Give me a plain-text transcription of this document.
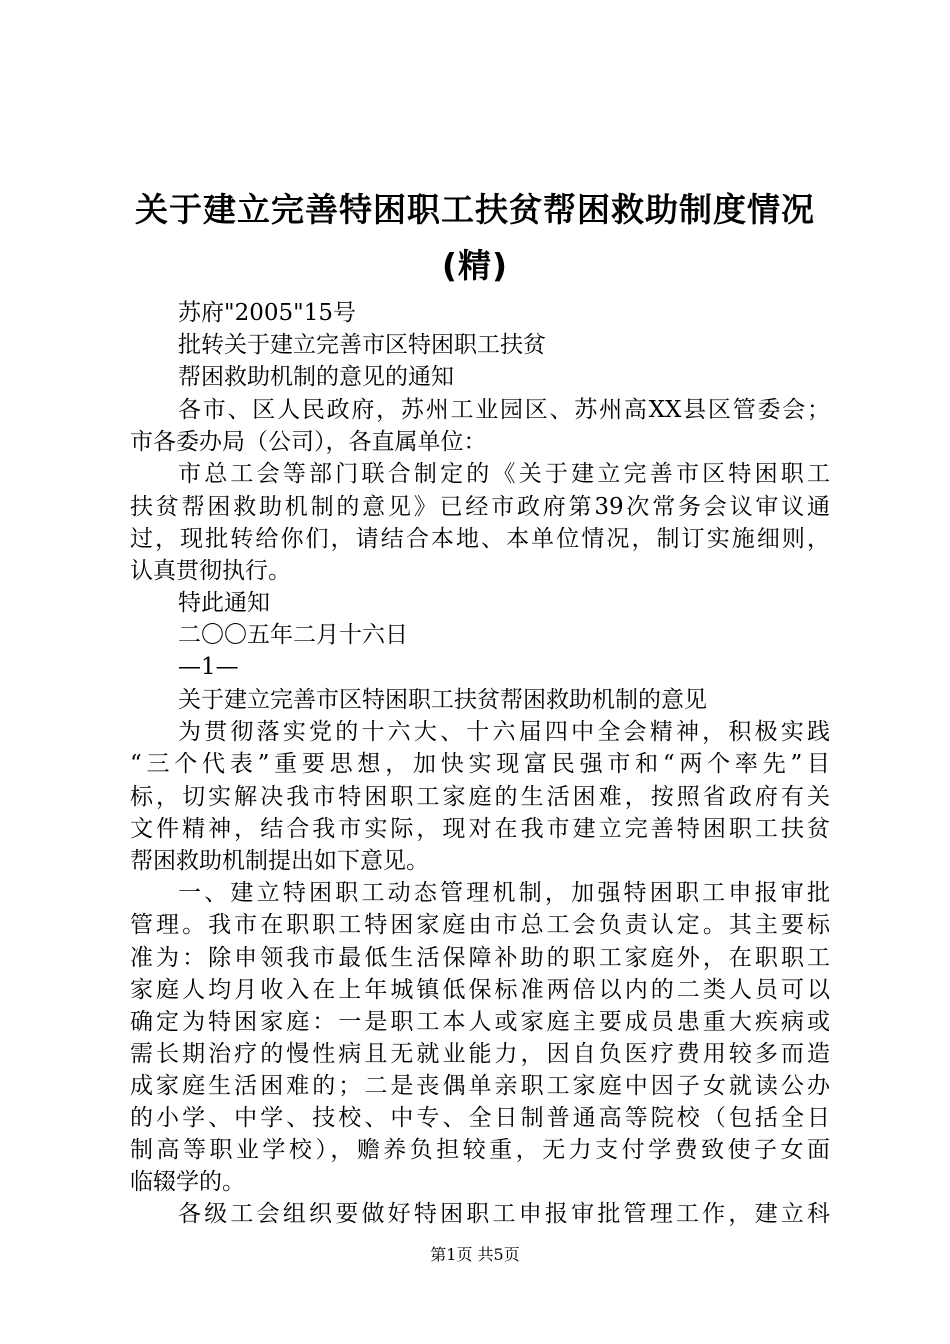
关于建立完善特困职工扶贫帮困救助制度情况
(精)
苏府"2005"15号
批转关于建立完善市区特困职工扶贫
帮困救助机制的意见的通知
各市、区人民政府，苏州工业园区、苏州高XX县区管委会；
市各委办局（公司），各直属单位：
市总工会等部门联合制定的《关于建立完善市区特困职工
扶贫帮困救助机制的意见》已经市政府第39次常务会议审议通
过，现批转给你们，请结合本地、本单位情况，制订实施细则，
认真贯彻执行。
特此通知
二〇〇五年二月十六日
—1—
关于建立完善市区特困职工扶贫帮困救助机制的意见
为贯彻落实党的十六大、十六届四中全会精神，积极实践
“三个代表”重要思想，加快实现富民强市和“两个率先”目
标，切实解决我市特困职工家庭的生活困难，按照省政府有关
文件精神，结合我市实际，现对在我市建立完善特困职工扶贫
帮困救助机制提出如下意见。
一、建立特困职工动态管理机制，加强特困职工申报审批
管理。我市在职职工特困家庭由市总工会负责认定。其主要标
准为：除申领我市最低生活保障补助的职工家庭外，在职职工
家庭人均月收入在上年城镇低保标准两倍以内的二类人员可以
确定为特困家庭：一是职工本人或家庭主要成员患重大疾病或
需长期治疗的慢性病且无就业能力，因自负医疗费用较多而造
成家庭生活困难的；二是丧偶单亲职工家庭中因子女就读公办
的小学、中学、技校、中专、全日制普通高等院校（包括全日
制高等职业学校），赡养负担较重，无力支付学费致使子女面
临辍学的。
各级工会组织要做好特困职工申报审批管理工作，建立科
第1页 共5页
